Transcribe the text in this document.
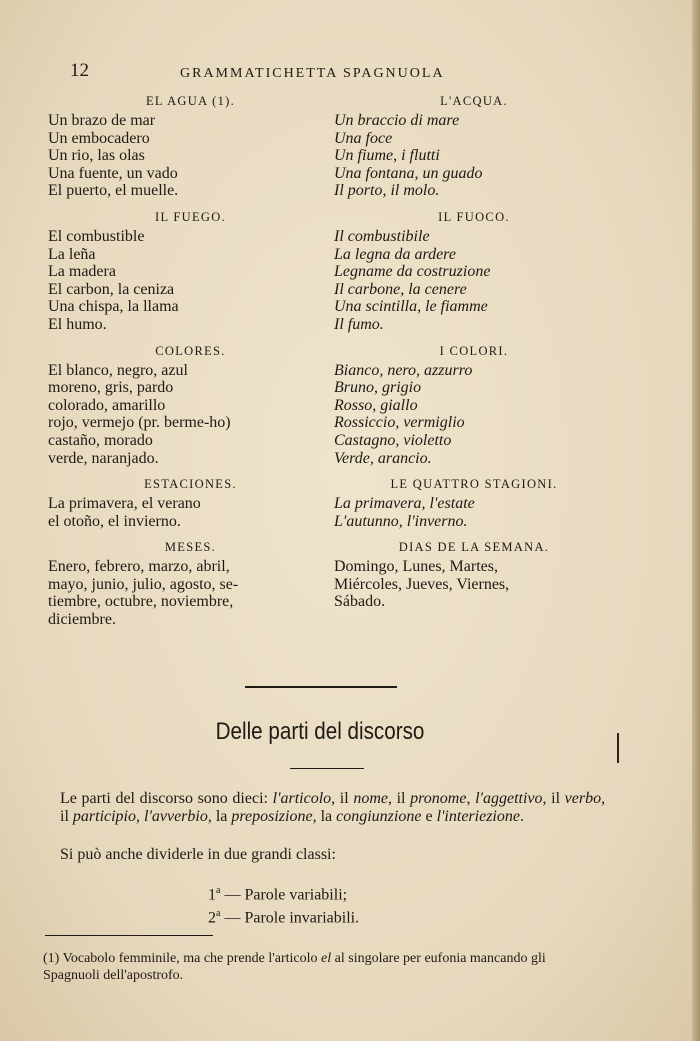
12	GRAMMATICHETTA SPAGNUOLA
EL AGUA (1).
Un brazo de mar
Un embocadero
Un rio, las olas
Una fuente, un vado
El puerto, el muelle.
IL FUEGO.
El combustible
La leña
La madera
El carbon, la ceniza
Una chispa, la llama
El humo.
COLORES.
El blanco, negro, azul
moreno, gris, pardo
colorado, amarillo
rojo, vermejo (pr. berme-ho)
castaño, morado
verde, naranjado.
ESTACIONES.
La primavera, el verano
el otoño, el invierno.
MESES.
Enero, febrero, marzo, abril,
mayo, junio, julio, agosto, se-
tiembre, octubre, noviembre,
diciembre.
L'ACQUA.
Un braccio di mare
Una foce
Un fiume, i flutti
Una fontana, un guado
Il porto, il molo.
IL FUOCO.
Il combustibile
La legna da ardere
Legname da costruzione
Il carbone, la cenere
Una scintilla, le fiamme
Il fumo.
I COLORI.
Bianco, nero, azzurro
Bruno, grigio
Rosso, giallo
Rossiccio, vermiglio
Castagno, violetto
Verde, arancio.
LE QUATTRO STAGIONI.
La primavera, l'estate
L'autunno, l'inverno.
DIAS DE LA SEMANA.
Domingo, Lunes, Martes,
Miércoles, Jueves, Viernes,
Sábado.
Delle parti del discorso
Le parti del discorso sono dieci: l'articolo, il nome, il pronome, l'aggettivo, il verbo, il participio, l'avverbio, la preposizione, la congiunzione e l'interiezione.
Si può anche dividerle in due grandi classi:
1$^a$ — Parole variabili;
2$^a$ — Parole invariabili.
(1) Vocabolo femminile, ma che prende l'articolo el al singolare per eufonia mancando gli Spagnuoli dell'apostrofo.
